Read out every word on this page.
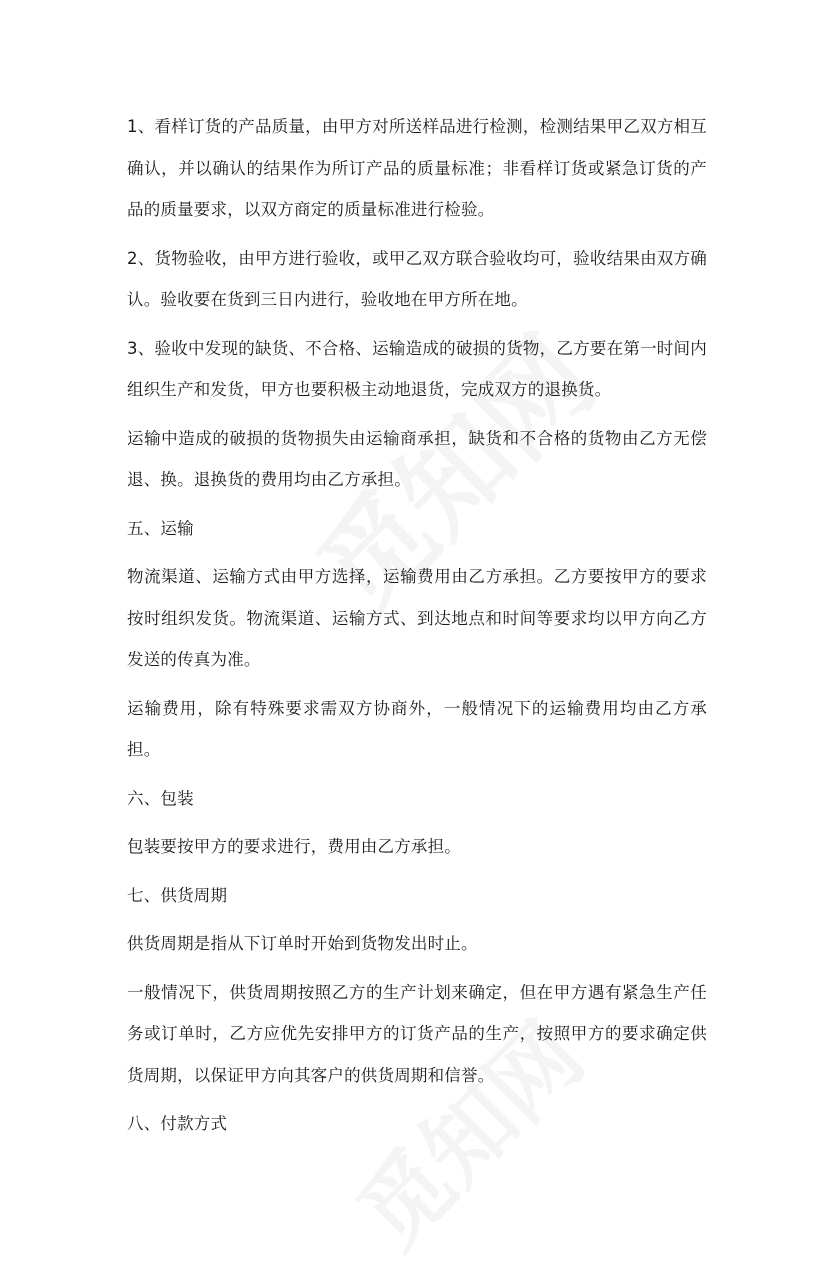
1、看样订货的产品质量，由甲方对所送样品进行检测，检测结果甲乙双方相互确认，并以确认的结果作为所订产品的质量标准；非看样订货或紧急订货的产品的质量要求，以双方商定的质量标准进行检验。

2、货物验收，由甲方进行验收，或甲乙双方联合验收均可，验收结果由双方确认。验收要在货到三日内进行，验收地在甲方所在地。

3、验收中发现的缺货、不合格、运输造成的破损的货物，乙方要在第一时间内组织生产和发货，甲方也要积极主动地退货，完成双方的退换货。

运输中造成的破损的货物损失由运输商承担，缺货和不合格的货物由乙方无偿退、换。退换货的费用均由乙方承担。

五、运输

物流渠道、运输方式由甲方选择，运输费用由乙方承担。乙方要按甲方的要求按时组织发货。物流渠道、运输方式、到达地点和时间等要求均以甲方向乙方发送的传真为准。

运输费用，除有特殊要求需双方协商外，一般情况下的运输费用均由乙方承担。

六、包装

包装要按甲方的要求进行，费用由乙方承担。

七、供货周期

供货周期是指从下订单时开始到货物发出时止。

一般情况下，供货周期按照乙方的生产计划来确定，但在甲方遇有紧急生产任务或订单时，乙方应优先安排甲方的订货产品的生产，按照甲方的要求确定供货周期，以保证甲方向其客户的供货周期和信誉。

八、付款方式
